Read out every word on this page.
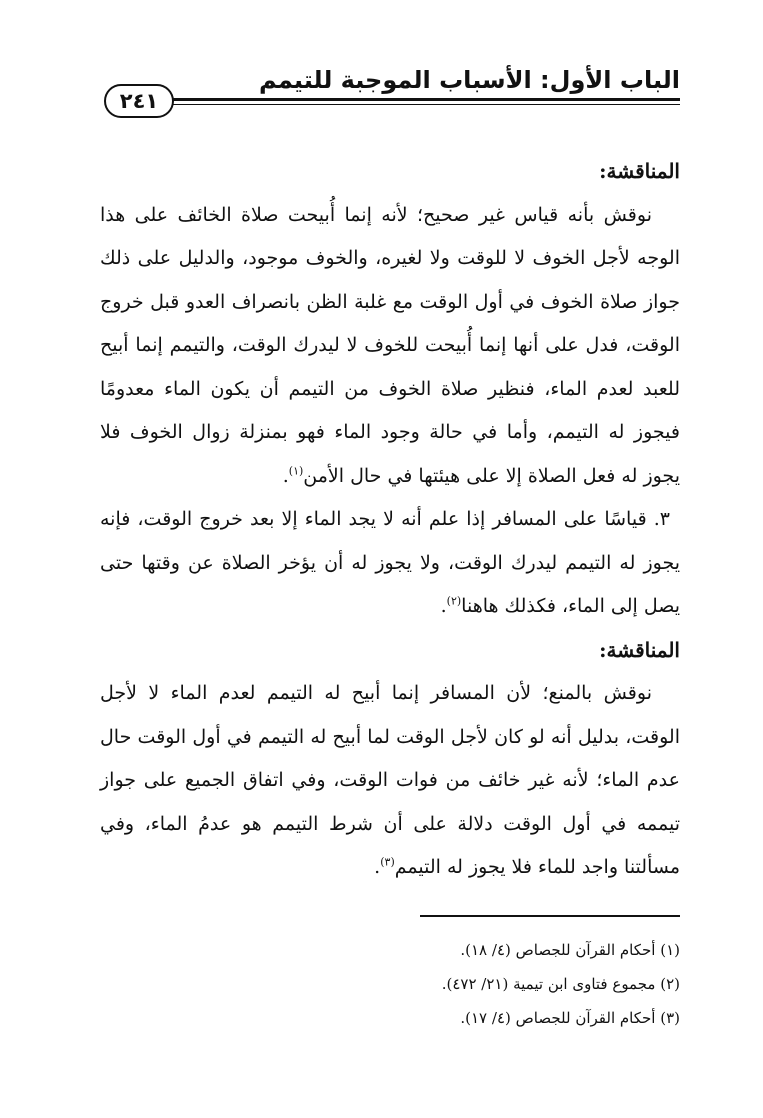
الباب الأول: الأسباب الموجبة للتيمم
٢٤١

المناقشة:

نوقش بأنه قياس غير صحيح؛ لأنه إنما أُبيحت صلاة الخائف على هذا الوجه لأجل الخوف لا للوقت ولا لغيره، والخوف موجود، والدليل على ذلك جواز صلاة الخوف في أول الوقت مع غلبة الظن بانصراف العدو قبل خروج الوقت، فدل على أنها إنما أُبيحت للخوف لا ليدرك الوقت، والتيمم إنما أبيح للعبد لعدم الماء، فنظير صلاة الخوف من التيمم أن يكون الماء معدومًا فيجوز له التيمم، وأما في حالة وجود الماء فهو بمنزلة زوال الخوف فلا يجوز له فعل الصلاة إلا على هيئتها في حال الأمن$^{(١)}$.

٣. قياسًا على المسافر إذا علم أنه لا يجد الماء إلا بعد خروج الوقت، فإنه يجوز له التيمم ليدرك الوقت، ولا يجوز له أن يؤخر الصلاة عن وقتها حتى يصل إلى الماء، فكذلك هاهنا$^{(٢)}$.

المناقشة:

نوقش بالمنع؛ لأن المسافر إنما أبيح له التيمم لعدم الماء لا لأجل الوقت، بدليل أنه لو كان لأجل الوقت لما أبيح له التيمم في أول الوقت حال عدم الماء؛ لأنه غير خائف من فوات الوقت، وفي اتفاق الجميع على جواز تيممه في أول الوقت دلالة على أن شرط التيمم هو عدمُ الماء، وفي مسألتنا واجد للماء فلا يجوز له التيمم$^{(٣)}$.

(١) أحكام القرآن للجصاص (٤/ ١٨).
(٢) مجموع فتاوى ابن تيمية (٢١/ ٤٧٢).
(٣) أحكام القرآن للجصاص (٤/ ١٧).
